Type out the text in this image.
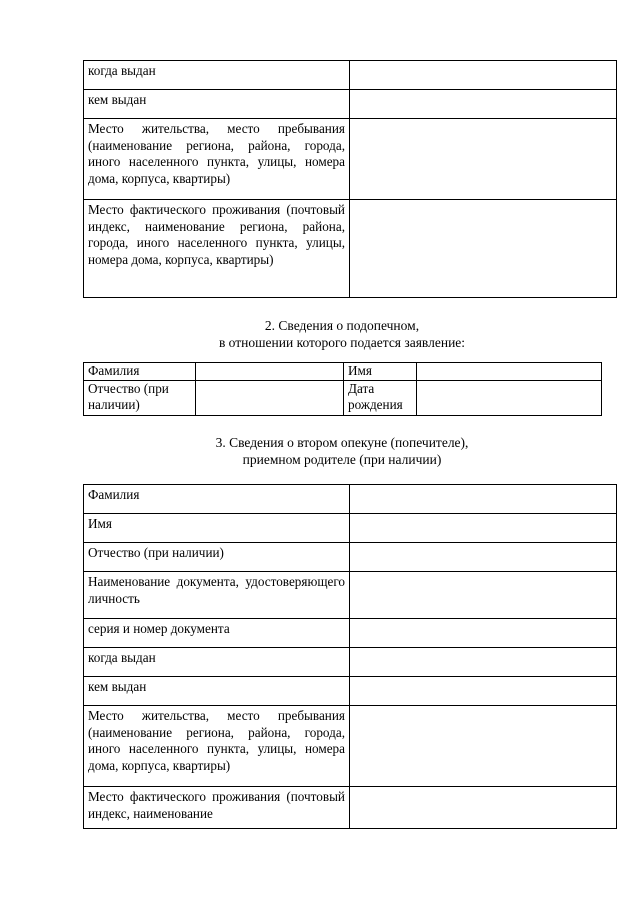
когда выдан	
кем выдан	
Место жительства, место пребывания (наименование региона, района, города, иного населенного пункта, улицы, номера дома, корпуса, квартиры)	
Место фактического проживания (почтовый индекс, наименование региона, района, города, иного населенного пункта, улицы, номера дома, корпуса, квартиры)	
2. Сведения о подопечном,
в отношении которого подается заявление:
Фамилия		Имя	
Отчество (при наличии)		Дата рождения	
3. Сведения о втором опекуне (попечителе),
приемном родителе (при наличии)
Фамилия	
Имя	
Отчество (при наличии)	
Наименование документа, удостоверяющего личность	
серия и номер документа	
когда выдан	
кем выдан	
Место жительства, место пребывания (наименование региона, района, города, иного населенного пункта, улицы, номера дома, корпуса, квартиры)	
Место фактического проживания (почтовый индекс, наименование	
